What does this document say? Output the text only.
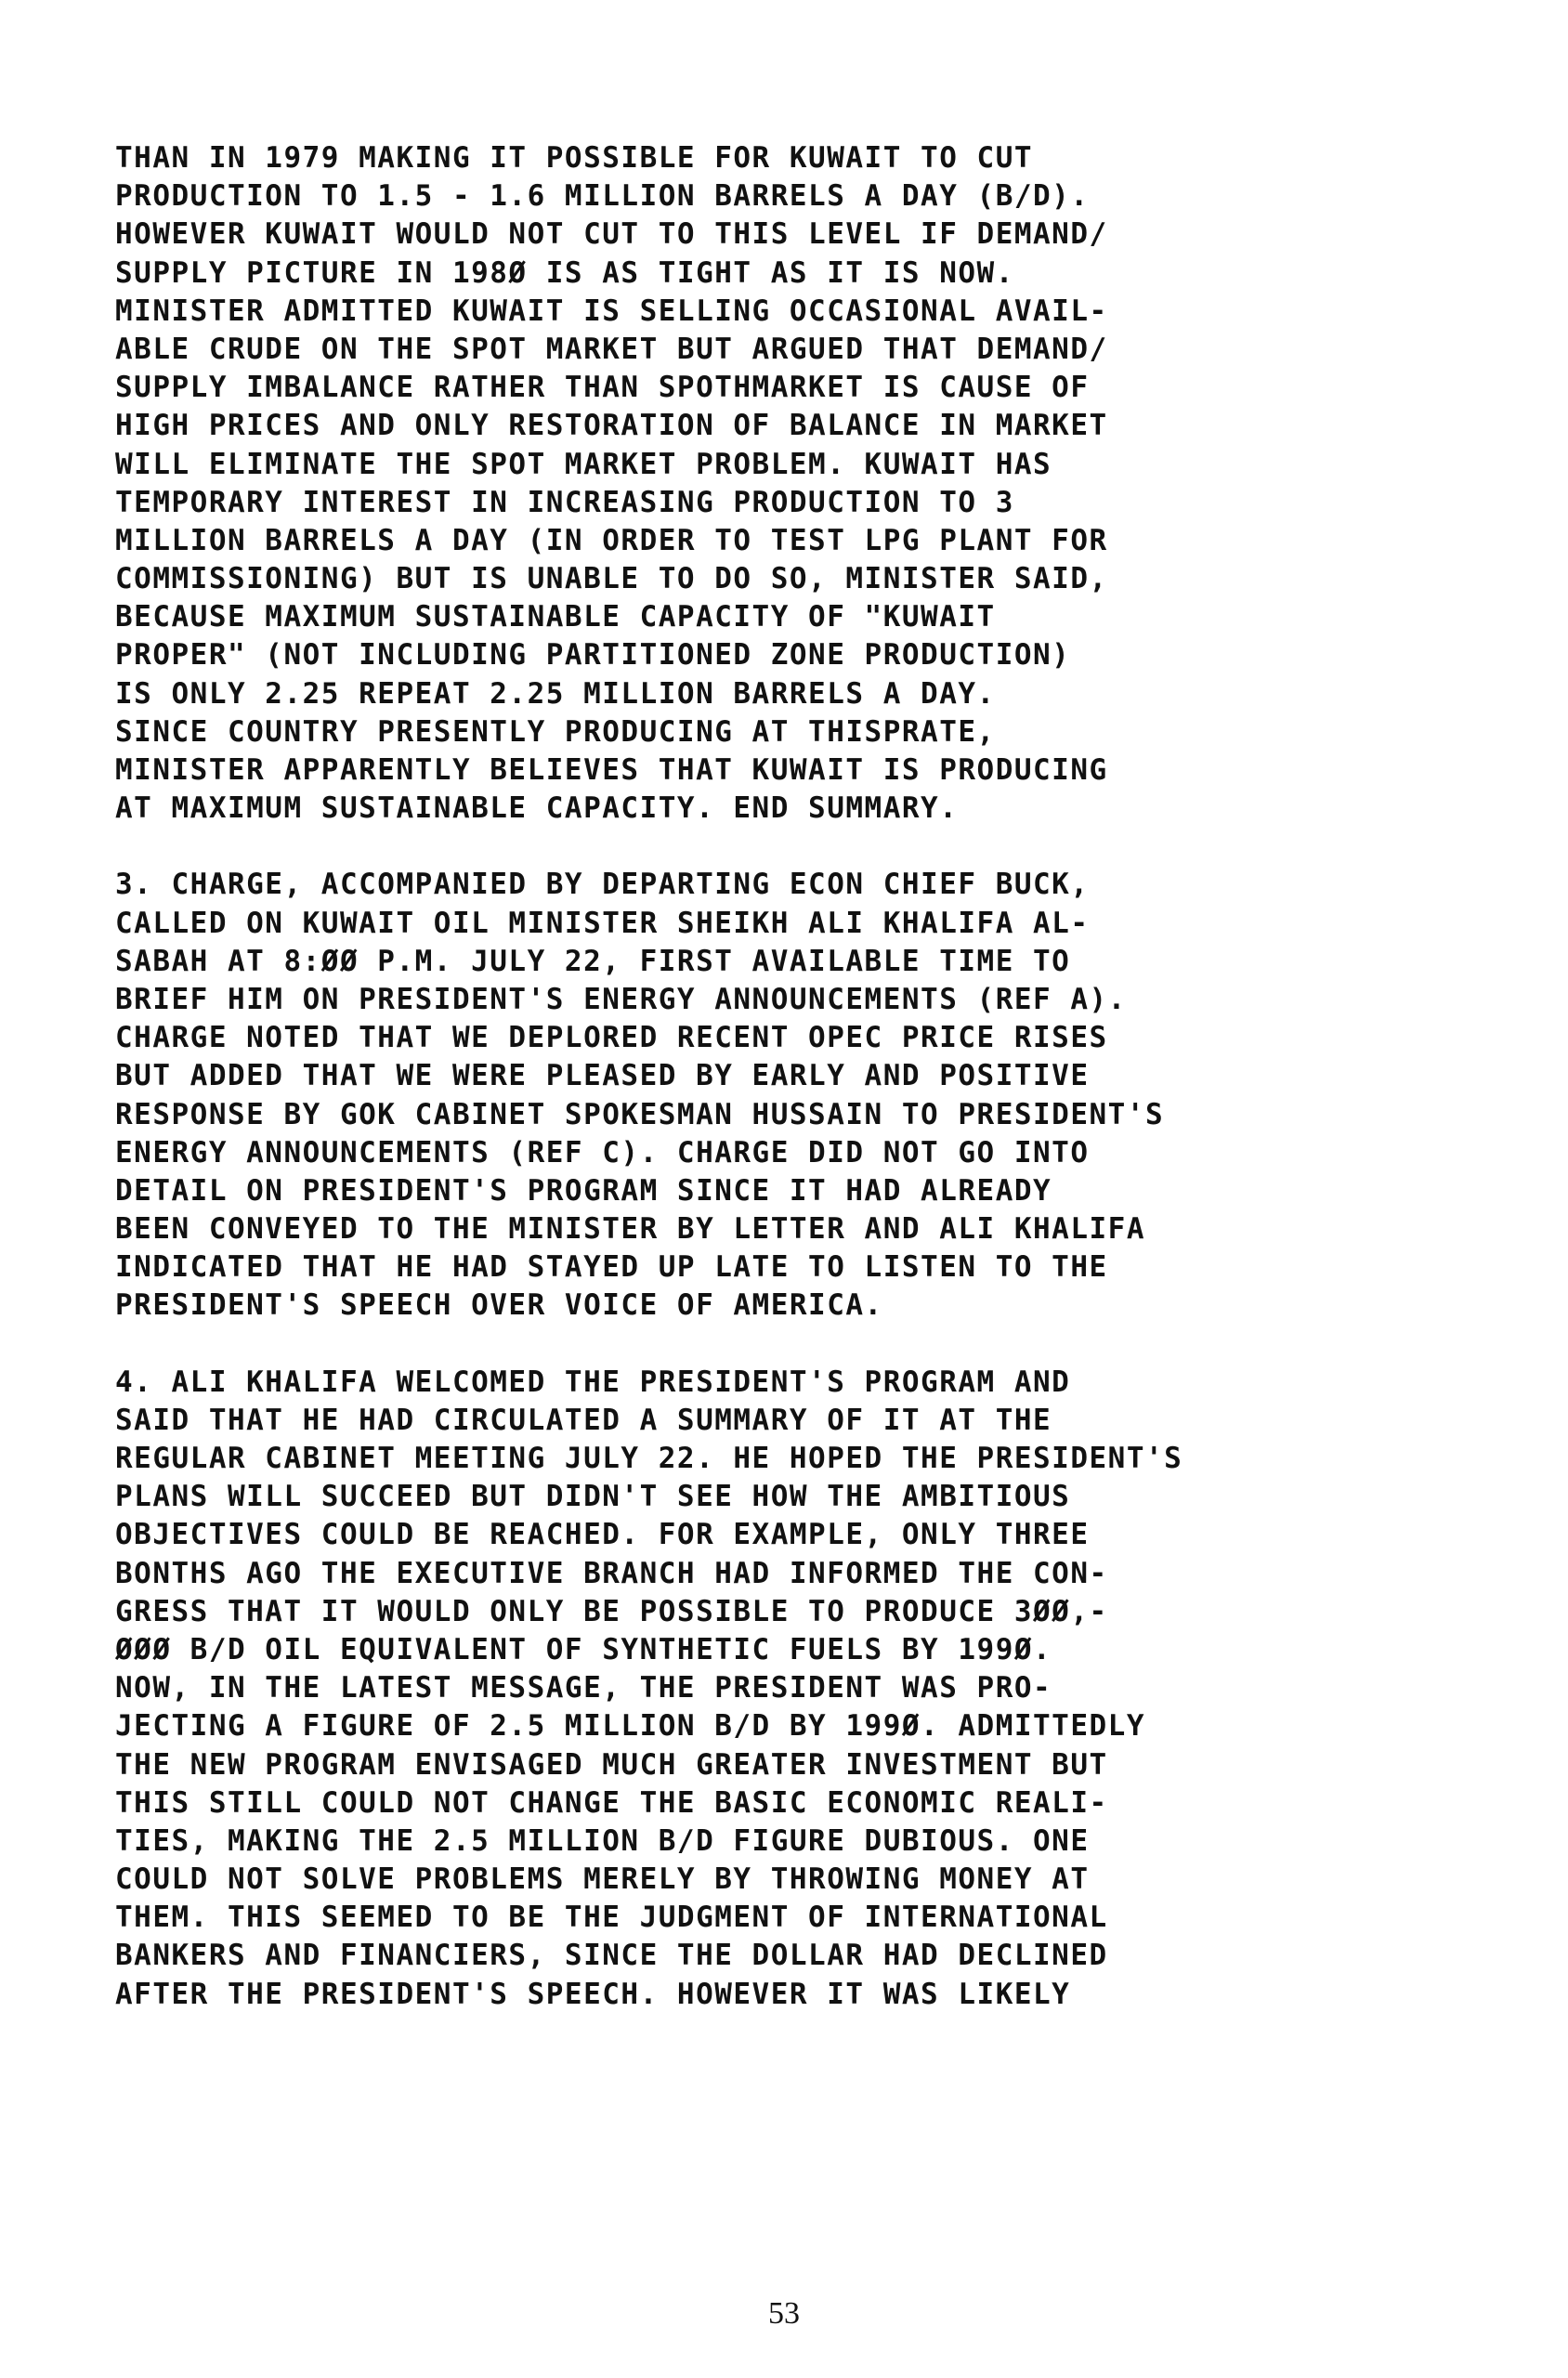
THAN IN 1979 MAKING IT POSSIBLE FOR KUWAIT TO CUT
PRODUCTION TO 1.5 - 1.6 MILLION BARRELS A DAY (B/D).
HOWEVER KUWAIT WOULD NOT CUT TO THIS LEVEL IF DEMAND/
SUPPLY PICTURE IN 198Ø IS AS TIGHT AS IT IS NOW.
MINISTER ADMITTED KUWAIT IS SELLING OCCASIONAL AVAIL-
ABLE CRUDE ON THE SPOT MARKET BUT ARGUED THAT DEMAND/
SUPPLY IMBALANCE RATHER THAN SPOTHMARKET IS CAUSE OF
HIGH PRICES AND ONLY RESTORATION OF BALANCE IN MARKET
WILL ELIMINATE THE SPOT MARKET PROBLEM. KUWAIT HAS
TEMPORARY INTEREST IN INCREASING PRODUCTION TO 3
MILLION BARRELS A DAY (IN ORDER TO TEST LPG PLANT FOR
COMMISSIONING) BUT IS UNABLE TO DO SO, MINISTER SAID,
BECAUSE MAXIMUM SUSTAINABLE CAPACITY OF "KUWAIT
PROPER" (NOT INCLUDING PARTITIONED ZONE PRODUCTION)
IS ONLY 2.25 REPEAT 2.25 MILLION BARRELS A DAY.
SINCE COUNTRY PRESENTLY PRODUCING AT THISPRATE,
MINISTER APPARENTLY BELIEVES THAT KUWAIT IS PRODUCING
AT MAXIMUM SUSTAINABLE CAPACITY. END SUMMARY.
3. CHARGE, ACCOMPANIED BY DEPARTING ECON CHIEF BUCK,
CALLED ON KUWAIT OIL MINISTER SHEIKH ALI KHALIFA AL-
SABAH AT 8:ØØ P.M. JULY 22, FIRST AVAILABLE TIME TO
BRIEF HIM ON PRESIDENT'S ENERGY ANNOUNCEMENTS (REF A).
CHARGE NOTED THAT WE DEPLORED RECENT OPEC PRICE RISES
BUT ADDED THAT WE WERE PLEASED BY EARLY AND POSITIVE
RESPONSE BY GOK CABINET SPOKESMAN HUSSAIN TO PRESIDENT'S
ENERGY ANNOUNCEMENTS (REF C). CHARGE DID NOT GO INTO
DETAIL ON PRESIDENT'S PROGRAM SINCE IT HAD ALREADY
BEEN CONVEYED TO THE MINISTER BY LETTER AND ALI KHALIFA
INDICATED THAT HE HAD STAYED UP LATE TO LISTEN TO THE
PRESIDENT'S SPEECH OVER VOICE OF AMERICA.
4. ALI KHALIFA WELCOMED THE PRESIDENT'S PROGRAM AND
SAID THAT HE HAD CIRCULATED A SUMMARY OF IT AT THE
REGULAR CABINET MEETING JULY 22. HE HOPED THE PRESIDENT'S
PLANS WILL SUCCEED BUT DIDN'T SEE HOW THE AMBITIOUS
OBJECTIVES COULD BE REACHED. FOR EXAMPLE, ONLY THREE
BONTHS AGO THE EXECUTIVE BRANCH HAD INFORMED THE CON-
GRESS THAT IT WOULD ONLY BE POSSIBLE TO PRODUCE 3ØØ,-
ØØØ B/D OIL EQUIVALENT OF SYNTHETIC FUELS BY 199Ø.
NOW, IN THE LATEST MESSAGE, THE PRESIDENT WAS PRO-
JECTING A FIGURE OF 2.5 MILLION B/D BY 199Ø. ADMITTEDLY
THE NEW PROGRAM ENVISAGED MUCH GREATER INVESTMENT BUT
THIS STILL COULD NOT CHANGE THE BASIC ECONOMIC REALI-
TIES, MAKING THE 2.5 MILLION B/D FIGURE DUBIOUS. ONE
COULD NOT SOLVE PROBLEMS MERELY BY THROWING MONEY AT
THEM. THIS SEEMED TO BE THE JUDGMENT OF INTERNATIONAL
BANKERS AND FINANCIERS, SINCE THE DOLLAR HAD DECLINED
AFTER THE PRESIDENT'S SPEECH. HOWEVER IT WAS LIKELY
53
